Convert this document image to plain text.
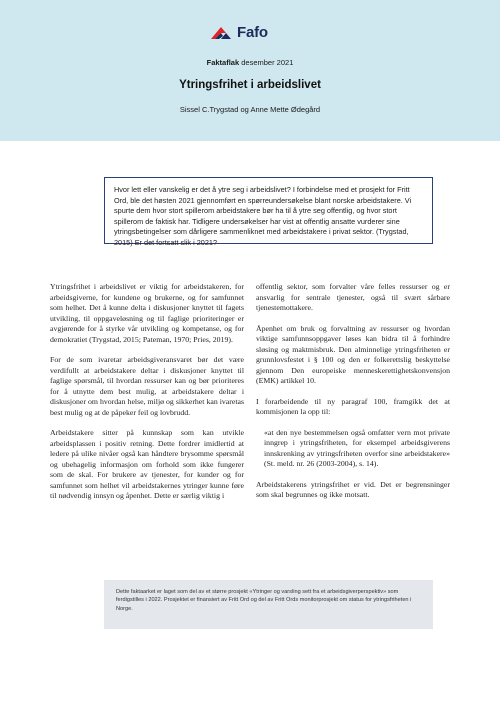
Fafo
Faktaflak desember 2021
Ytringsfrihet i arbeidslivet
Sissel C.Trygstad og Anne Mette Ødegård
Hvor lett eller vanskelig er det å ytre seg i arbeidslivet? I forbindelse med et prosjekt for Fritt Ord, ble det høsten 2021 gjennomført en spørreundersøkelse blant norske arbeidstakere. Vi spurte dem hvor stort spillerom arbeidstakere bør ha til å ytre seg offentlig, og hvor stort spillerom de faktisk har. Tidligere undersøkelser har vist at offentlig ansatte vurderer sine ytringsbetingelser som dårligere sammenliknet med arbeidstakere i privat sektor. (Trygstad, 2015) Er det fortsatt slik i 2021?

Ytringsfrihet i arbeidslivet er viktig for arbeidstakeren, for arbeidsgiverne, for kundene og brukerne, og for samfunnet som helhet. Det å kunne delta i diskusjoner knyttet til fagets utvikling, til oppgaveløsning og til faglige prioriteringer er avgjørende for å styrke vår utvikling og kompetanse, og for demokratiet (Trygstad, 2015; Pateman, 1970; Pries, 2019).

For de som ivaretar arbeidsgiveransvaret bør det være verdifullt at arbeidstakere deltar i diskusjoner knyttet til faglige spørsmål, til hvordan ressurser kan og bør prioriteres for å utnytte dem best mulig, at arbeidstakere deltar i diskusjoner om hvordan helse, miljø og sikkerhet kan ivaretas best mulig og at de påpeker feil og lovbrudd.

Arbeidstakere sitter på kunnskap som kan utvikle arbeidsplassen i positiv retning. Dette fordrer imidlertid at ledere på ulike nivåer også kan håndtere brysomme spørsmål og ubehagelig informasjon om forhold som ikke fungerer som de skal. For brukere av tjenester, for kunder og for samfunnet som helhet vil arbeidstakernes ytringer kunne føre til nødvendig innsyn og åpenhet. Dette er særlig viktig i

offentlig sektor, som forvalter våre felles ressurser og er ansvarlig for sentrale tjenester, også til svært sårbare tjenestemottakere.

Åpenhet om bruk og forvaltning av ressurser og hvordan viktige samfunnsoppgaver løses kan bidra til å forhindre sløsing og maktmisbruk. Den alminnelige ytringsfriheten er grunnlovsfestet i § 100 og den er folkerettslig beskyttelse gjennom Den europeiske menneskerettighetskonvensjon (EMK) artikkel 10.

I forarbeidende til ny paragraf 100, framgikk det at kommisjonen la opp til:

«at den nye bestemmelsen også omfatter vern mot private inngrep i ytringsfriheten, for eksempel arbeidsgiverens innskrenking av ytringsfriheten overfor sine arbeidstakere» (St. meld. nr. 26 (2003-2004), s. 14).

Arbeidstakerens ytringsfrihet er vid. Det er begrensninger som skal begrunnes og ikke motsatt.

Dette faktaarket er laget som del av et større prosjekt «Ytringer og varsling sett fra et arbeidsgiverperspektiv» som ferdigstilles i 2022. Prosjektet er finansiert av Fritt Ord og del av Fritt Ords monitorprosjekt om status for ytringsfriheten i Norge.
